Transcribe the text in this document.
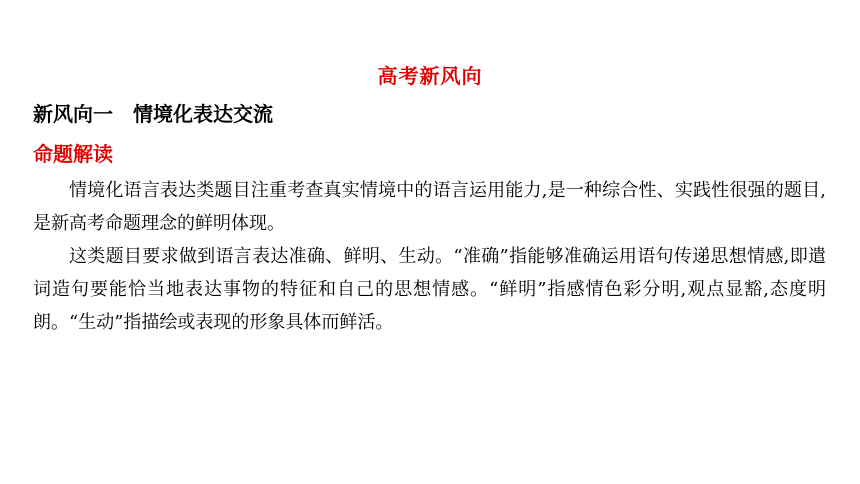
高考新风向
新风向一　情境化表达交流
命题解读

情境化语言表达类题目注重考查真实情境中的语言运用能力,是一种综合性、实践性很强的题目,是新高考命题理念的鲜明体现。

这类题目要求做到语言表达准确、鲜明、生动。“准确”指能够准确运用语句传递思想情感,即遣词造句要能恰当地表达事物的特征和自己的思想情感。“鲜明”指感情色彩分明,观点显豁,态度明朗。“生动”指描绘或表现的形象具体而鲜活。
